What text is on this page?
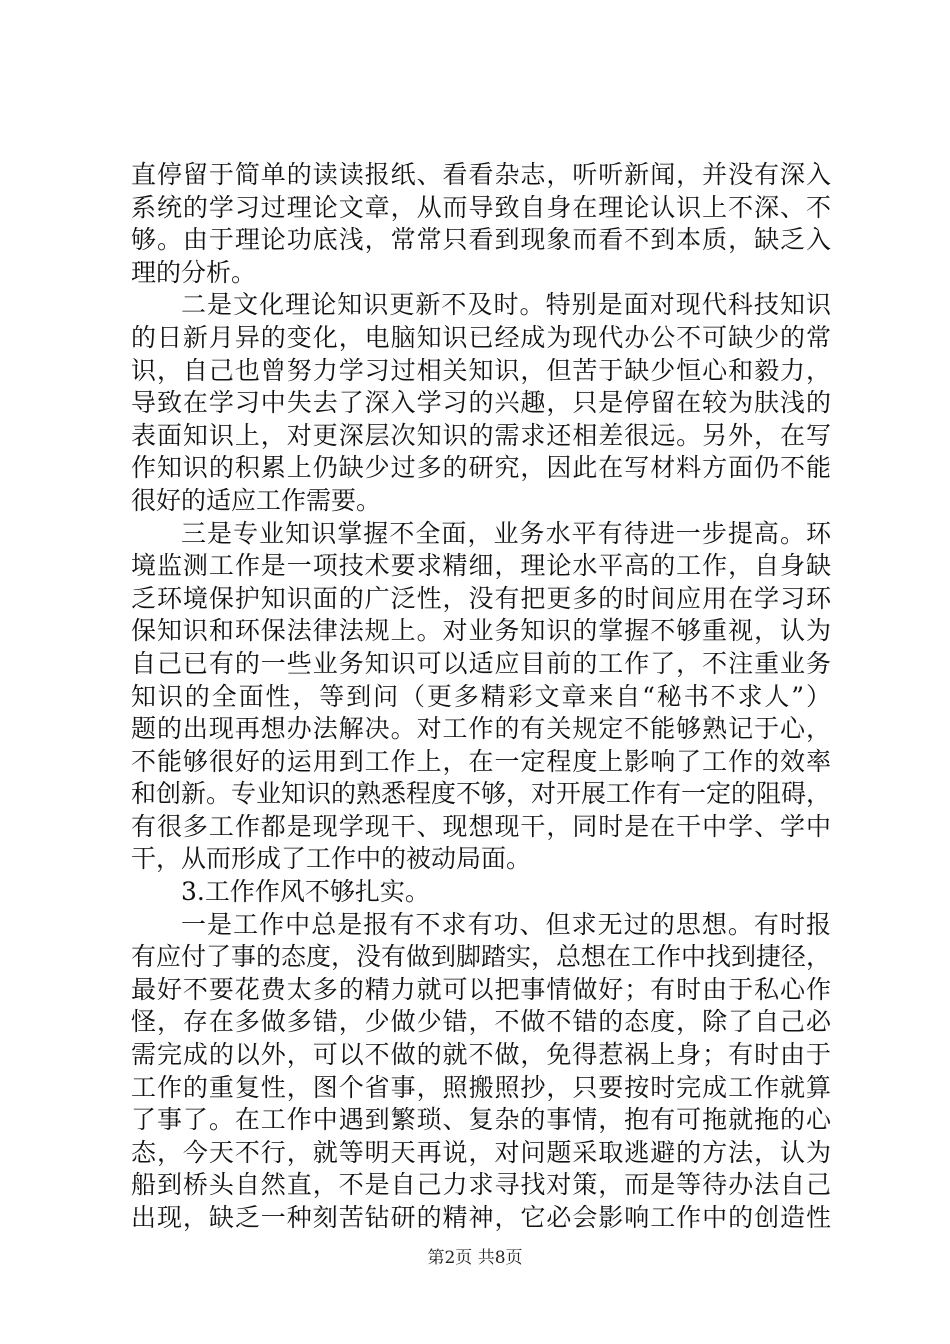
直停留于简单的读读报纸、看看杂志，听听新闻，并没有深入
系统的学习过理论文章，从而导致自身在理论认识上不深、不
够。由于理论功底浅，常常只看到现象而看不到本质，缺乏入
理的分析。
二是文化理论知识更新不及时。特别是面对现代科技知识
的日新月异的变化，电脑知识已经成为现代办公不可缺少的常
识，自己也曾努力学习过相关知识，但苦于缺少恒心和毅力，
导致在学习中失去了深入学习的兴趣，只是停留在较为肤浅的
表面知识上，对更深层次知识的需求还相差很远。另外，在写
作知识的积累上仍缺少过多的研究，因此在写材料方面仍不能
很好的适应工作需要。
三是专业知识掌握不全面，业务水平有待进一步提高。环
境监测工作是一项技术要求精细，理论水平高的工作，自身缺
乏环境保护知识面的广泛性，没有把更多的时间应用在学习环
保知识和环保法律法规上。对业务知识的掌握不够重视，认为
自己已有的一些业务知识可以适应目前的工作了，不注重业务
知识的全面性，等到问（更多精彩文章来自“秘书不求人”）
题的出现再想办法解决。对工作的有关规定不能够熟记于心，
不能够很好的运用到工作上，在一定程度上影响了工作的效率
和创新。专业知识的熟悉程度不够，对开展工作有一定的阻碍，
有很多工作都是现学现干、现想现干，同时是在干中学、学中
干，从而形成了工作中的被动局面。
3.工作作风不够扎实。
一是工作中总是报有不求有功、但求无过的思想。有时报
有应付了事的态度，没有做到脚踏实，总想在工作中找到捷径，
最好不要花费太多的精力就可以把事情做好；有时由于私心作
怪，存在多做多错，少做少错，不做不错的态度，除了自己必
需完成的以外，可以不做的就不做，免得惹祸上身；有时由于
工作的重复性，图个省事，照搬照抄，只要按时完成工作就算
了事了。在工作中遇到繁琐、复杂的事情，抱有可拖就拖的心
态，今天不行，就等明天再说，对问题采取逃避的方法，认为
船到桥头自然直，不是自己力求寻找对策，而是等待办法自己
出现，缺乏一种刻苦钻研的精神，它必会影响工作中的创造性
第2页 共8页
